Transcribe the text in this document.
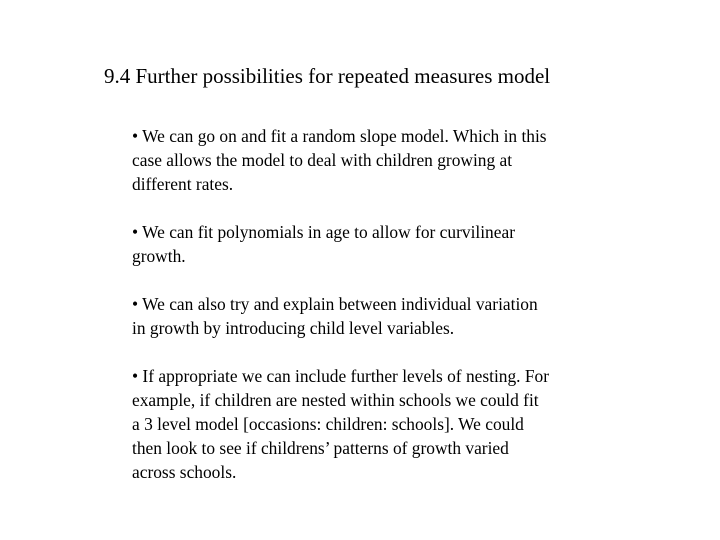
9.4 Further possibilities for repeated measures model
• We can go on and fit a random slope model. Which in this
case allows the model to deal with children growing at
different rates.
• We can fit polynomials in age to allow for curvilinear
growth.
• We can also try and explain between individual variation
in growth by introducing child level variables.
• If appropriate we can include further levels of nesting. For
example, if children are nested within schools we could fit
a 3 level model [occasions: children: schools]. We could
then look to see if childrens’ patterns of growth varied
across schools.
